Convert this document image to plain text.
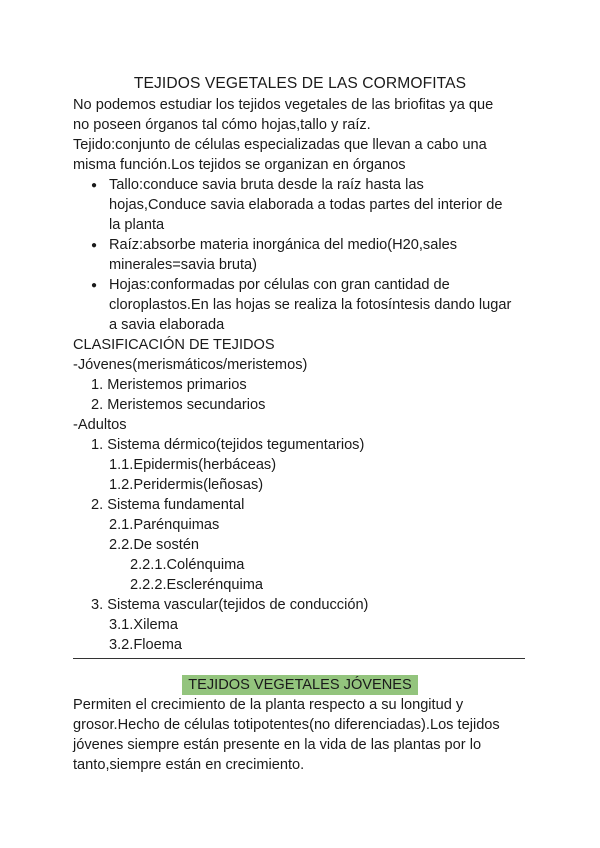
TEJIDOS VEGETALES DE LAS CORMOFITAS
No podemos estudiar los tejidos vegetales de las briofitas ya que
no poseen órganos tal cómo hojas,tallo y raíz.
Tejido:conjunto de células especializadas que llevan a cabo una
misma función.Los tejidos se organizan en órganos
● Tallo:conduce savia bruta desde la raíz hasta las
hojas,Conduce savia elaborada a todas partes del interior de
la planta
● Raíz:absorbe materia inorgánica del medio(H20,sales
minerales=savia bruta)
● Hojas:conformadas por células con gran cantidad de
cloroplastos.En las hojas se realiza la fotosíntesis dando lugar
a savia elaborada
CLASIFICACIÓN DE TEJIDOS
-Jóvenes(merismáticos/meristemos)
1. Meristemos primarios
2. Meristemos secundarios
-Adultos
1. Sistema dérmico(tejidos tegumentarios)
1.1.Epidermis(herbáceas)
1.2.Peridermis(leñosas)
2. Sistema fundamental
2.1.Parénquimas
2.2.De sostén
2.2.1.Colénquima
2.2.2.Esclerénquima
3. Sistema vascular(tejidos de conducción)
3.1.Xilema
3.2.Floema
TEJIDOS VEGETALES JÓVENES
Permiten el crecimiento de la planta respecto a su longitud y
grosor.Hecho de células totipotentes(no diferenciadas).Los tejidos
jóvenes siempre están presente en la vida de las plantas por lo
tanto,siempre están en crecimiento.
